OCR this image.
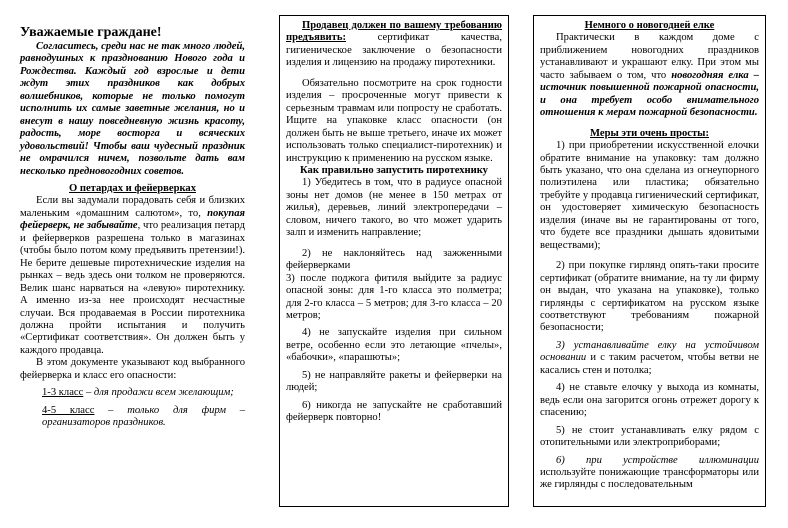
Уважаемые граждане!

Согласитесь, среди нас не так много людей, равнодушных к празднованию Нового года и Рождества. Каждый год взрослые и дети ждут этих праздников как добрых волшебников, которые не только помогут исполнить их самые заветные желания, но и внесут в нашу повседневную жизнь красоту, радость, море восторга и всяческих удовольствий! Чтобы ваш чудесный праздник не омрачился ничем, позвольте дать вам несколько предновогодних советов.

О петардах и фейерверках

Если вы задумали порадовать себя и близких маленьким «домашним салютом», то, покупая фейерверк, не забывайте, что реализация петард и фейерверков разрешена только в магазинах (чтобы было потом кому предъявить претензии!). Не берите дешевые пиротехнические изделия на рынках – ведь здесь они толком не проверяются. Велик шанс нарваться на «левую» пиротехнику. А именно из-за нее происходят несчастные случаи. Вся продаваемая в России пиротехника должна пройти испытания и получить «Сертификат соответствия». Он должен быть у каждого продавца.

В этом документе указывают код выбранного фейерверка и класс его опасности:

1-3 класс – для продажи всем желающим;

4-5 класс – только для фирм – организаторов праздников.

Продавец должен по вашему требованию предъявить: сертификат качества, гигиеническое заключение о безопасности изделия и лицензию на продажу пиротехники.

Обязательно посмотрите на срок годности изделия – просроченные могут привести к серьезным травмам или попросту не сработать. Ищите на упаковке класс опасности (он должен быть не выше третьего, иначе их может использовать только специалист-пиротехник) и инструкцию к применению на русском языке.

Как правильно запустить пиротехнику

1) Убедитесь в том, что в радиусе опасной зоны нет домов (не менее в 150 метрах от жилья), деревьев, линий электропередачи – словом, ничего такого, во что может ударить залп и изменить направление;

2) не наклоняйтесь над зажженными фейерверками

3) после поджога фитиля выйдите за радиус опасной зоны: для 1-го класса это полметра; для 2-го класса – 5 метров; для 3-го класса – 20 метров;

4) не запускайте изделия при сильном ветре, особенно если это летающие «пчелы», «бабочки», «парашюты»;

5) не направляйте ракеты и фейерверки на людей;

6) никогда не запускайте не сработавший фейерверк повторно!

Немного о новогодней елке

Практически в каждом доме с приближением новогодних праздников устанавливают и украшают елку. При этом мы часто забываем о том, что новогодняя елка – источник повышенной пожарной опасности, и она требует особо внимательного отношения к мерам пожарной безопасности.

Меры эти очень просты:

1) при приобретении искусственной елочки обратите внимание на упаковку: там должно быть указано, что она сделана из огнеупорного полиэтилена или пластика; обязательно требуйте у продавца гигиенический сертификат, он удостоверяет химическую безопасность изделия (иначе вы не гарантированы от того, что будете все праздники дышать ядовитыми веществами);

2) при покупке гирлянд опять-таки просите сертификат (обратите внимание, на ту ли фирму он выдан, что указана на упаковке), только гирлянды с сертификатом на русском языке соответствуют требованиям пожарной безопасности;

3) устанавливайте елку на устойчивом основании и с таким расчетом, чтобы ветви не касались стен и потолка;

4) не ставьте елочку у выхода из комнаты, ведь если она загорится огонь отрежет дорогу к спасению;

5) не стоит устанавливать елку рядом с отопительными или электроприборами;

6) при устройстве иллюминации используйте понижающие трансформаторы или же гирлянды с последовательным
